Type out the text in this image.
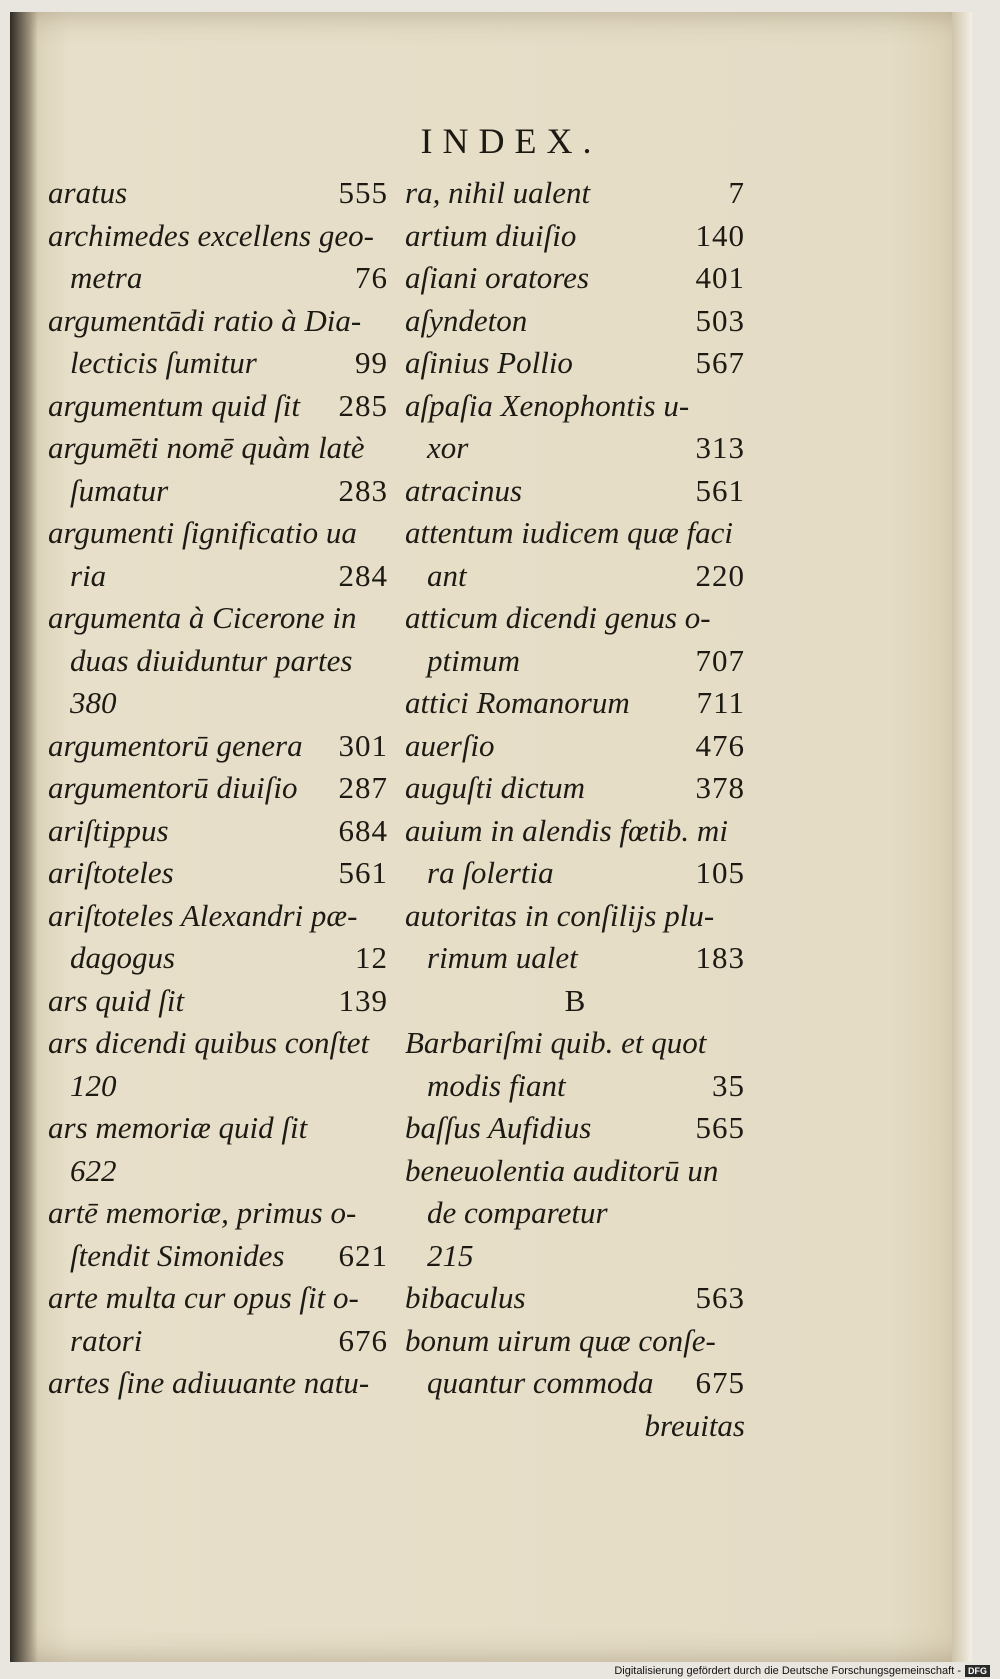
INDEX.
aratus	555
archimedes excellens geo-
metra	76
argumentādi ratio à Dia-
lecticis ſumitur	99
argumentum quid ſit 285
argumēti nomē quàm latè
ſumatur	283
argumenti ſignificatio ua
ria	284
argumenta à Cicerone in
duas diuiduntur partes
380
argumentorū genera 301
argumentorū diuiſio 287
ariſtippus	684
ariſtoteles	561
ariſtoteles Alexandri pæ-
dagogus	12
ars quid ſit	139
ars dicendi quibus conſtet
120
ars memoriæ quid ſit
622
artē memoriæ, primus o-
ſtendit Simonides 621
arte multa cur opus ſit o-
ratori	676
artes ſine adiuuante natu-
ra, nihil ualent	7
artium diuiſio	140
aſiani oratores	401
aſyndeton	503
aſinius Pollio	567
aſpaſia Xenophontis u-
xor	313
atracinus	561
attentum iudicem quæ faci
ant	220
atticum dicendi genus o-
ptimum	707
attici Romanorum 711
auerſio	476
auguſti dictum	378
auium in alendis fœtib. mi
ra ſolertia	105
autoritas in conſilijs plu-
rimum ualet	183
B
Barbariſmi quib. et quot
modis fiant	35
baſſus Aufidius	565
beneuolentia auditorū un
de comparetur
215
bibaculus	563
bonum uirum quæ conſe-
quantur commoda 675
breuitas
Digitalisierung gefördert durch die Deutsche Forschungsgemeinschaft - DFG
